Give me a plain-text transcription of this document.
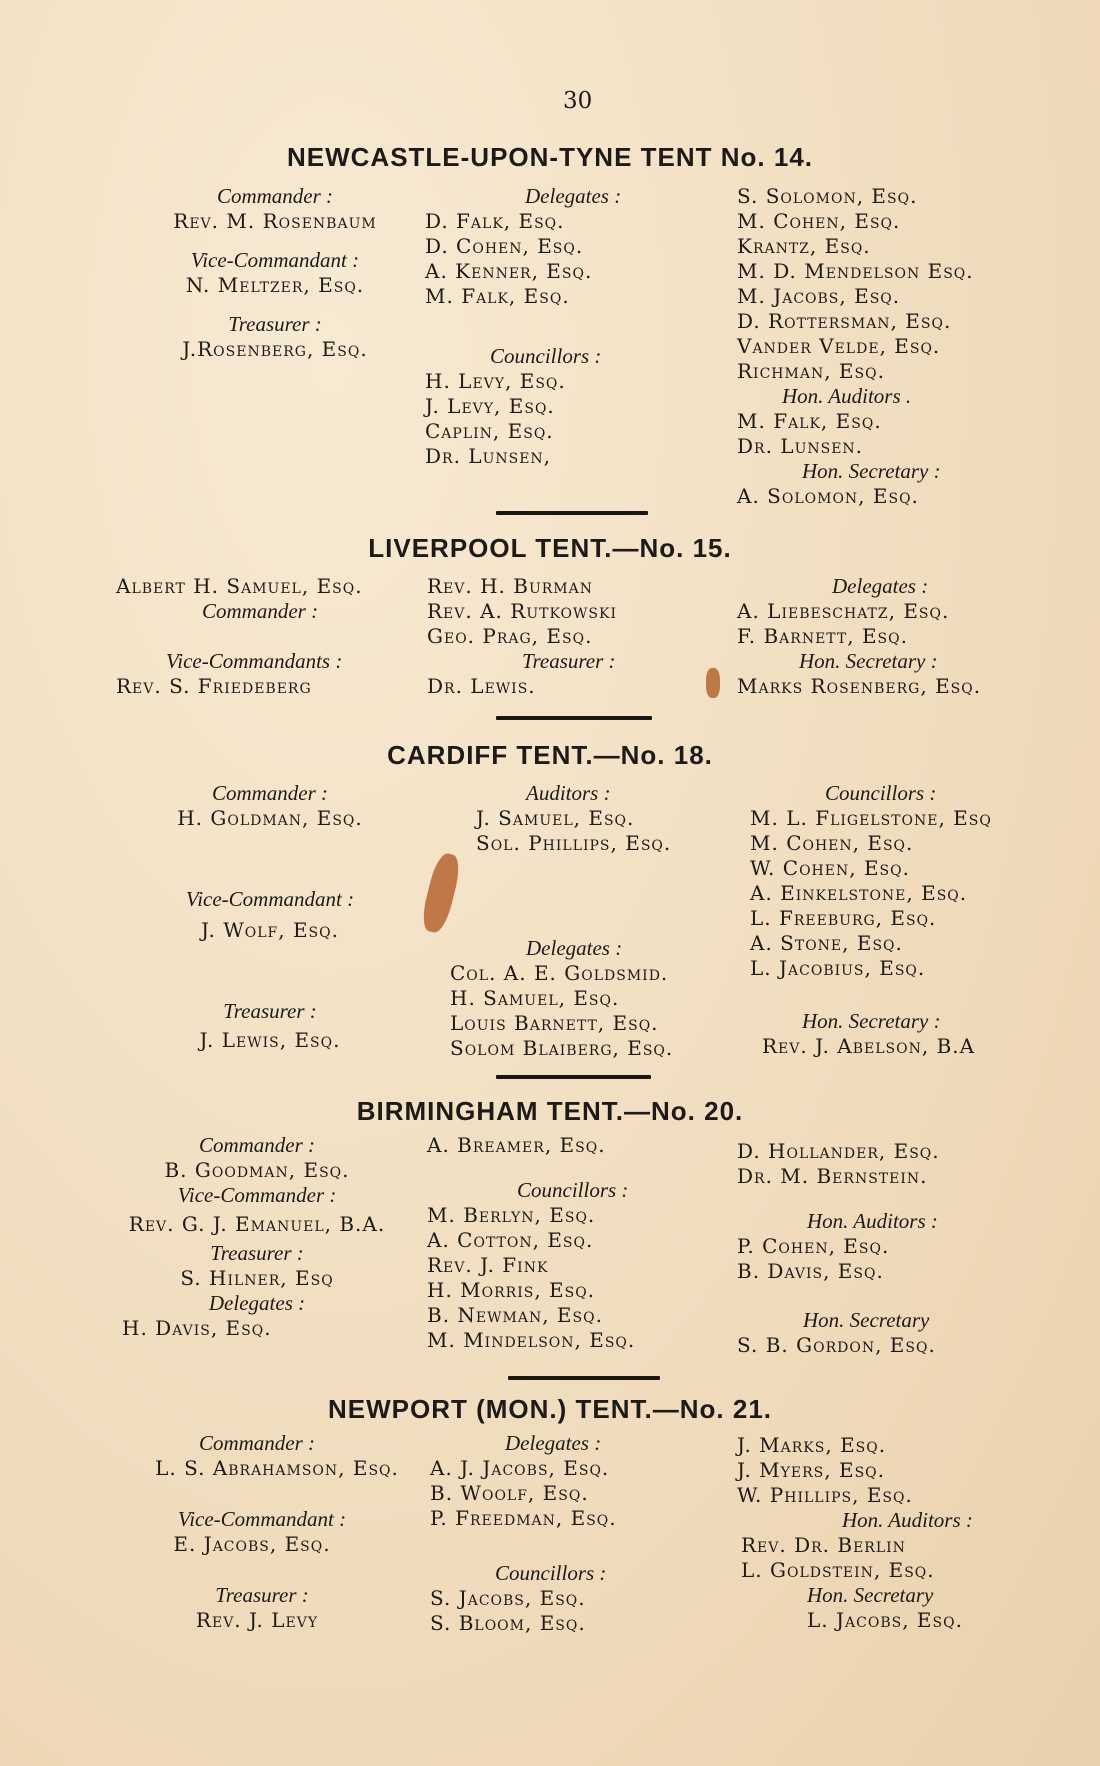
30
NEWCASTLE-UPON-TYNE TENT No. 14.
Commander :
Rev. M. Rosenbaum
Vice-Commandant :
N. Meltzer, Esq.
Treasurer :
J.Rosenberg, Esq.
Delegates :
D. Falk, Esq.
D. Cohen, Esq.
A. Kenner, Esq.
M. Falk, Esq.
Councillors :
H. Levy, Esq.
J. Levy, Esq.
Caplin, Esq.
Dr. Lunsen,
S. Solomon, Esq.
M. Cohen, Esq.
Krantz, Esq.
M. D. Mendelson Esq.
M. Jacobs, Esq.
D. Rottersman, Esq.
Vander Velde, Esq.
Richman, Esq.
Hon. Auditors .
M. Falk, Esq.
Dr. Lunsen.
Hon. Secretary :
A. Solomon, Esq.
LIVERPOOL TENT.—No. 15.
Albert H. Samuel, Esq.
Commander :
Vice-Commandants :
Rev. S. Friedeberg
Rev. H. Burman
Rev. A. Rutkowski
Geo. Prag, Esq.
Treasurer :
Dr. Lewis.
Delegates :
A. Liebeschatz, Esq.
F. Barnett, Esq.
Hon. Secretary :
Marks Rosenberg, Esq.
CARDIFF TENT.—No. 18.
Commander :
H. Goldman, Esq.
Vice-Commandant :
J. Wolf, Esq.
Treasurer :
J. Lewis, Esq.
Auditors :
J. Samuel, Esq.
Sol. Phillips, Esq.
Delegates :
Col. A. E. Goldsmid.
H. Samuel, Esq.
Louis Barnett, Esq.
Solom Blaiberg, Esq.
Councillors :
M. L. Fligelstone, Esq
M. Cohen, Esq.
W. Cohen, Esq.
A. Einkelstone, Esq.
L. Freeburg, Esq.
A. Stone, Esq.
L. Jacobius, Esq.
Hon. Secretary :
Rev. J. Abelson, B.A
BIRMINGHAM TENT.—No. 20.
Commander :
B. Goodman, Esq.
Vice-Commander :
Rev. G. J. Emanuel, B.A.
Treasurer :
S. Hilner, Esq
Delegates :
H. Davis, Esq.
A. Breamer, Esq.
Councillors :
M. Berlyn, Esq.
A. Cotton, Esq.
Rev. J. Fink
H. Morris, Esq.
B. Newman, Esq.
M. Mindelson, Esq.
D. Hollander, Esq.
Dr. M. Bernstein.
Hon. Auditors :
P. Cohen, Esq.
B. Davis, Esq.
Hon. Secretary
S. B. Gordon, Esq.
NEWPORT (MON.) TENT.—No. 21.
Commander :
L. S. Abrahamson, Esq.
Vice-Commandant :
E. Jacobs, Esq.
Treasurer :
Rev. J. Levy
Delegates :
A. J. Jacobs, Esq.
B. Woolf, Esq.
P. Freedman, Esq.
Councillors :
S. Jacobs, Esq.
S. Bloom, Esq.
J. Marks, Esq.
J. Myers, Esq.
W. Phillips, Esq.
Hon. Auditors :
Rev. Dr. Berlin
L. Goldstein, Esq.
Hon. Secretary
L. Jacobs, Esq.
